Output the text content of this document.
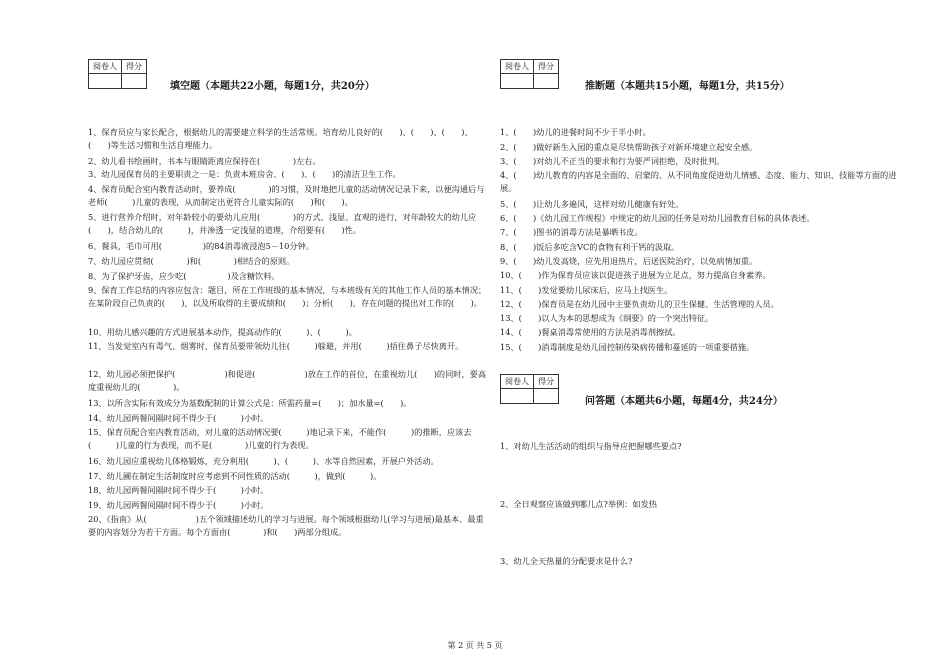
阅卷人	得分

填空题（本题共22小题，每题1分，共20分）

1、保育员应与家长配合，根据幼儿的需要建立科学的生活常规。培育幼儿良好的(　　)、(　　)、(　　)、(　　)等生活习惯和生活自理能力。

2、幼儿看书绘画时，书本与眼睛距离应保持在(　　　　)左右。

3、幼儿园保育员的主要职责之一是：负责本班房舍、(　　)、(　　)的清洁卫生工作。

4、保育员配合室内教育活动时，要养成(　　　　)的习惯，及时地把儿童的活动情况记录下来，以便沟通后与老师(　　　)儿童的表现，从而制定出更符合儿童实际的(　　)和(　　)。

5、进行营养介绍时，对年龄较小的要幼儿应用(　　　　)的方式、浅显、直观的进行，对年龄较大的幼儿应(　　)，结合幼儿的(　　　)，并渗透一定浅显的道理，介绍要有(　　)性。

6、餐具，毛巾可用(　　　　　)的84消毒液浸泡5－10分钟。

7、幼儿园应贯彻(　　　　)和(　　　　)相结合的原则。

8、为了保护牙齿，应少吃(　　　　　)及含糖饮料。

9、保育工作总结的内容应包含：题目，所在工作班级的基本情况，与本班级有关的其他工作人员的基本情况；在某阶段自己负责的(　　)，以及所取得的主要成绩和(　　)；分析(　　)，存在问题的提出对工作的(　　)。

10、用幼儿感兴趣的方式进展基本动作，提高动作的(　　　)、(　　　)。

11、当发觉室内有毒气、烟雾时，保育员要带领幼儿往(　　　)躲避，并用(　　　)捂住鼻子尽快离开。

12、幼儿园必须把保护(　　　　　　)和促进(　　　　　　)放在工作的首位，在重视幼儿(　　)的同时，要高度重视幼儿的(　　　　)。

13、以所含实际有效成分为基数配制的计算公式是：所需药量=(　　)；加水量=(　　)。

14、幼儿园两餐间隔时间不得少于(　　　)小时。

15、保育员配合室内教育活动，对儿童的活动情况要(　　　)地记录下来，不能作(　　　)的推断，应该去(　　　)儿童的行为表现，而不是(　　　　)儿童的行为表现。

16、幼儿园应重视幼儿体格锻炼，充分利用(　　　)、(　　　)、水等自然因素，开展户外活动。

17、幼儿圃在制定生活制度时应考虑到不同性质的活动(　　　)，做到(　　　)。

18、幼儿园两餐间隔时间不得少于(　　　)小时。

19、幼儿园两餐间隔时间不得少于(　　　)小时。

20、《指南》从(　　　　　　)五个领域描述幼儿的学习与进展。每个领域根据幼儿(学习与进展)最基本、最重要的内容划分为若干方面。每个方面由(　　　　)和(　　)两部分组成。

阅卷人	得分

推断题（本题共15小题，每题1分，共15分）

1、(　　)幼儿的进餐时间不少于半小时。

2、(　　)做好新生入园的重点是尽快帮助孩子对新环境建立起安全感。

3、(　　)对幼儿不正当的要求和行为要严词拒绝，及时批判。

4、(　　)幼儿教育的内容是全面的、启蒙的、从不同角度促进幼儿情感、态度、能力、知识、技能等方面的进展。

5、(　　)让幼儿多遍风，这样对幼儿健康有好处。

6、(　　)《幼儿园工作规程》中规定的幼儿园的任务是对幼儿园教育目标的具体表述。

7、(　　)图书的消毒方法是暴晒书皮。

8、(　　)饭后多吃含VC的食物有利于钙的汲取。

9、(　　)幼儿发高烧，应先用退热片，后送医院治疗，以免病情加重。

10、(　　)作为保育员应该以促进孩子进展为立足点，努力提高自身素养。

11、(　　)发觉要幼儿尿床后，应马上找医生。

12、(　　)保育员是在幼儿园中主要负责幼儿的卫生保健、生活管理的人员。

13、(　　)以人为本的思想成为《纲要》的一个突出特征。

14、(　　)餐桌消毒常使用的方法是消毒剂擦拭。

15、(　　)消毒制度是幼儿园控制传染病传播和蔓延的一项重要措施。

阅卷人	得分

问答题（本题共6小题，每题4分，共24分）

1、对幼儿生活活动的组织与指导应把握哪些要点?

2、全日观察应该做到哪儿点?举例：如发热

3、幼儿全天热量的分配要求是什么?

第 2 页 共 5 页
